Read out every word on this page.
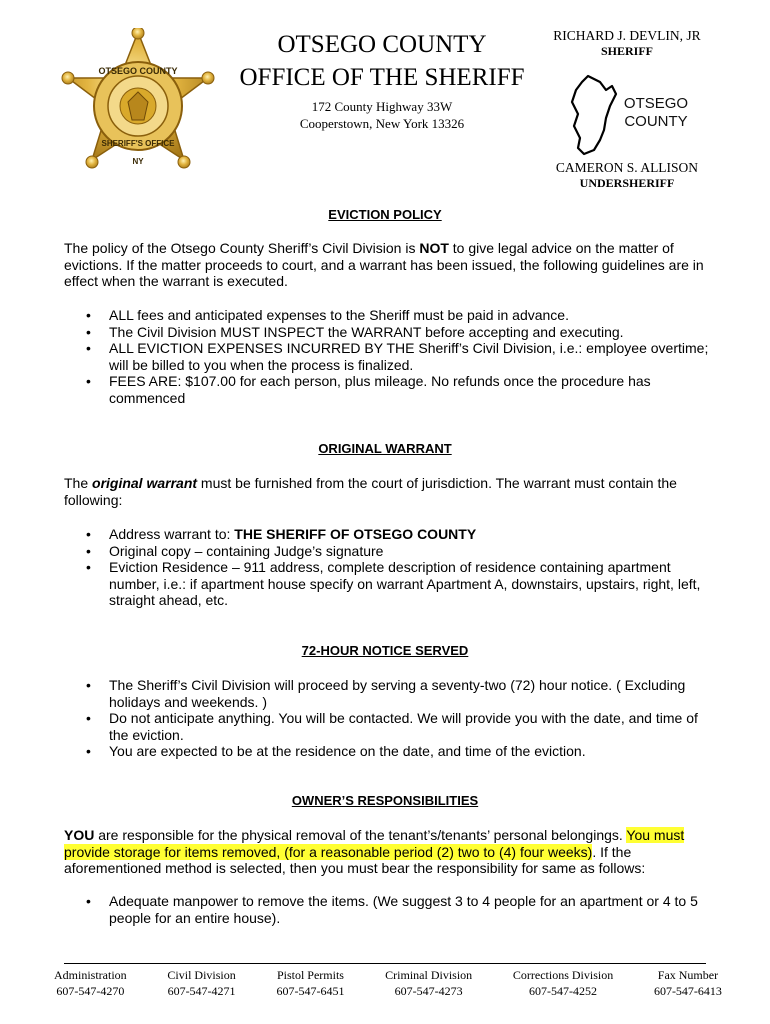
OTSEGO COUNTY
SHERIFF'S OFFICE
NY
OTSEGO COUNTY
OFFICE OF THE SHERIFF
172 County Highway 33W
Cooperstown, New York 13326
RICHARD J. DEVLIN, JR
SHERIFF
OTSEGO
COUNTY
CAMERON S. ALLISON
UNDERSHERIFF
EVICTION POLICY
The policy of the Otsego County Sheriff’s Civil Division is NOT to give legal advice on the matter of evictions. If the matter proceeds to court, and a warrant has been issued, the following guidelines are in effect when the warrant is executed.
• ALL fees and anticipated expenses to the Sheriff must be paid in advance.
• The Civil Division MUST INSPECT the WARRANT before accepting and executing.
• ALL EVICTION EXPENSES INCURRED BY THE Sheriff’s Civil Division, i.e.: employee overtime; will be billed to you when the process is finalized.
• FEES ARE: $107.00 for each person, plus mileage. No refunds once the procedure has commenced
ORIGINAL WARRANT
The original warrant must be furnished from the court of jurisdiction. The warrant must contain the following:
• Address warrant to: THE SHERIFF OF OTSEGO COUNTY
• Original copy – containing Judge’s signature
• Eviction Residence – 911 address, complete description of residence containing apartment number, i.e.: if apartment house specify on warrant Apartment A, downstairs, upstairs, right, left, straight ahead, etc.
72-HOUR NOTICE SERVED
• The Sheriff’s Civil Division will proceed by serving a seventy-two (72) hour notice. ( Excluding holidays and weekends. )
• Do not anticipate anything. You will be contacted. We will provide you with the date, and time of the eviction.
• You are expected to be at the residence on the date, and time of the eviction.
OWNER’S RESPONSIBILITIES
YOU are responsible for the physical removal of the tenant’s/tenants’ personal belongings. You must provide storage for items removed, (for a reasonable period (2) two to (4) four weeks). If the aforementioned method is selected, then you must bear the responsibility for same as follows:
• Adequate manpower to remove the items. (We suggest 3 to 4 people for an apartment or 4 to 5 people for an entire house).
Administration
607-547-4270
Civil Division
607-547-4271
Pistol Permits
607-547-6451
Criminal Division
607-547-4273
Corrections Division
607-547-4252
Fax Number
607-547-6413
